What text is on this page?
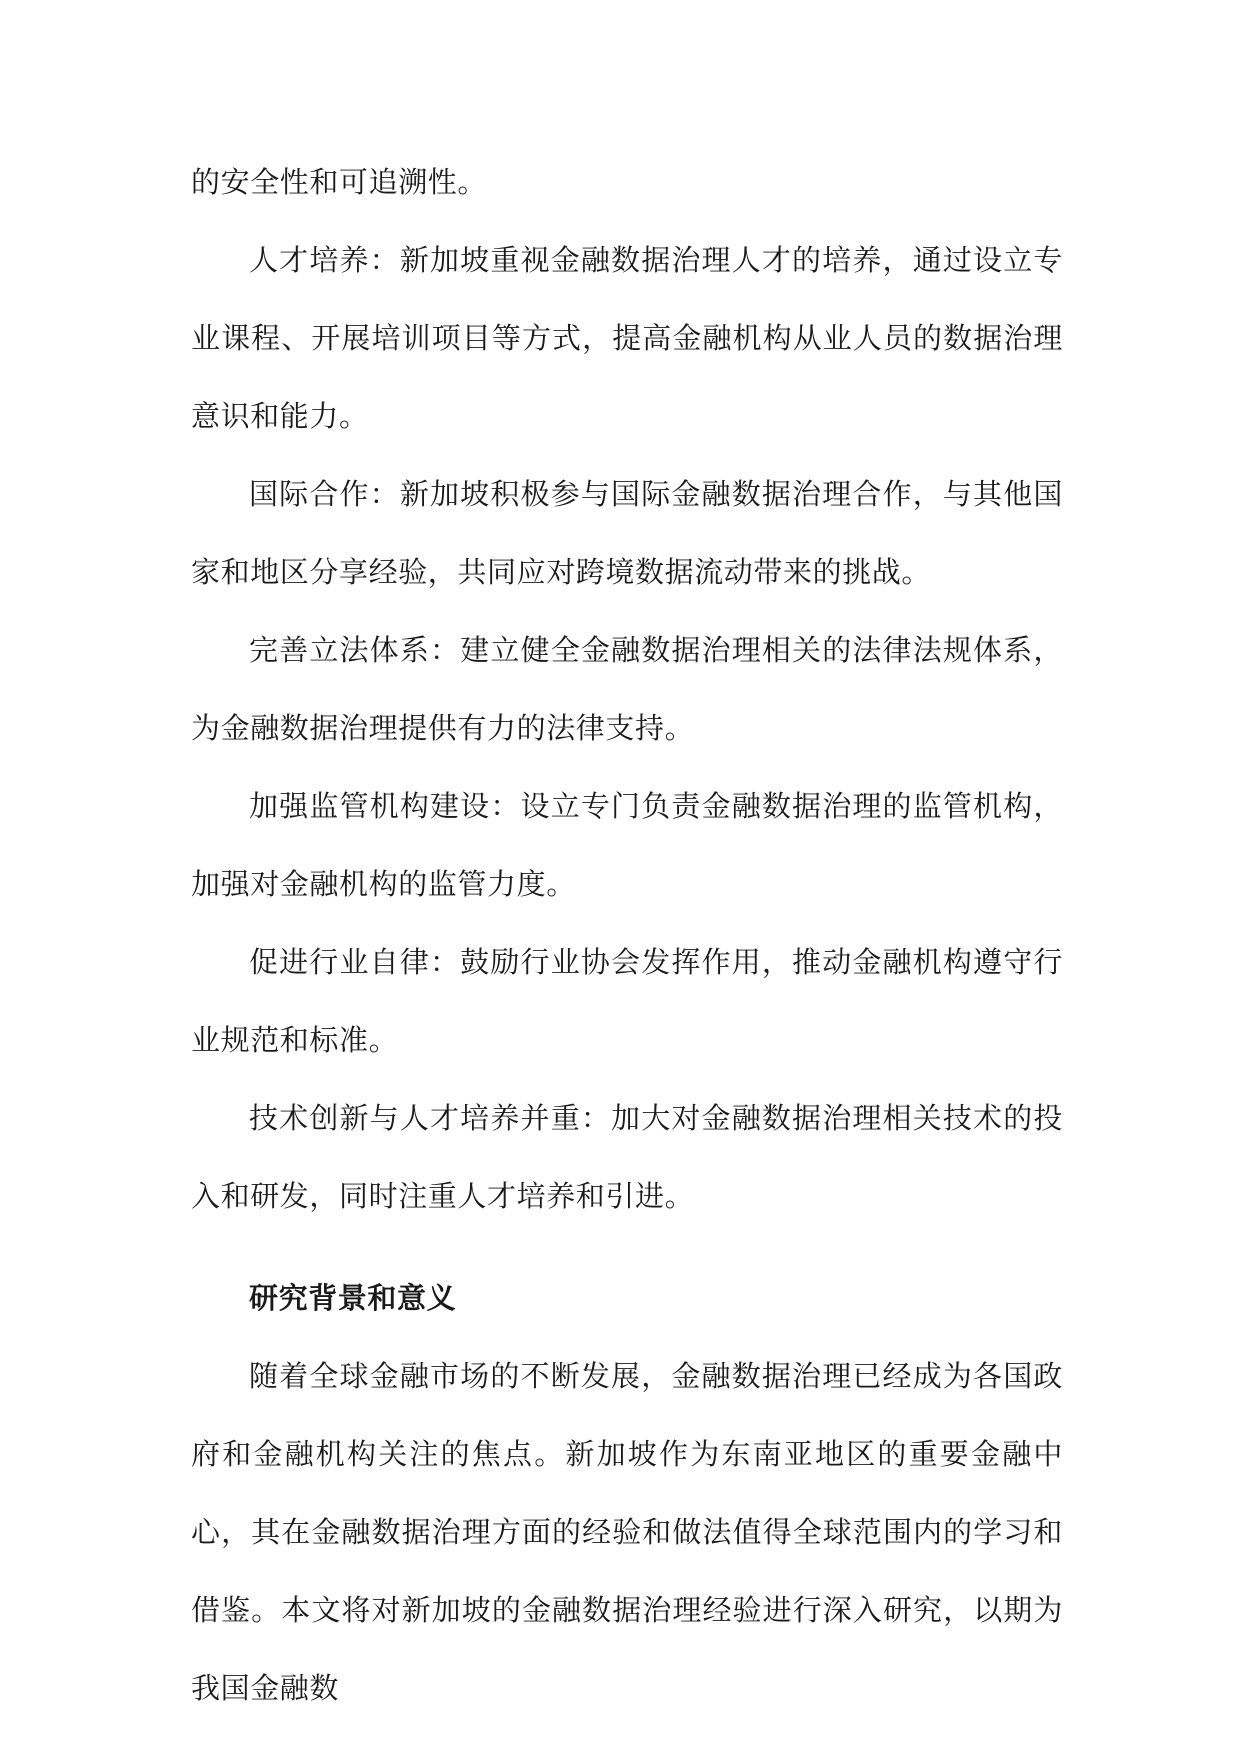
的安全性和可追溯性。

人才培养：新加坡重视金融数据治理人才的培养，通过设立专业课程、开展培训项目等方式，提高金融机构从业人员的数据治理意识和能力。

国际合作：新加坡积极参与国际金融数据治理合作，与其他国家和地区分享经验，共同应对跨境数据流动带来的挑战。

完善立法体系：建立健全金融数据治理相关的法律法规体系，为金融数据治理提供有力的法律支持。

加强监管机构建设：设立专门负责金融数据治理的监管机构，加强对金融机构的监管力度。

促进行业自律：鼓励行业协会发挥作用，推动金融机构遵守行业规范和标准。

技术创新与人才培养并重：加大对金融数据治理相关技术的投入和研发，同时注重人才培养和引进。

研究背景和意义

随着全球金融市场的不断发展，金融数据治理已经成为各国政府和金融机构关注的焦点。新加坡作为东南亚地区的重要金融中心，其在金融数据治理方面的经验和做法值得全球范围内的学习和借鉴。本文将对新加坡的金融数据治理经验进行深入研究，以期为我国金融数
